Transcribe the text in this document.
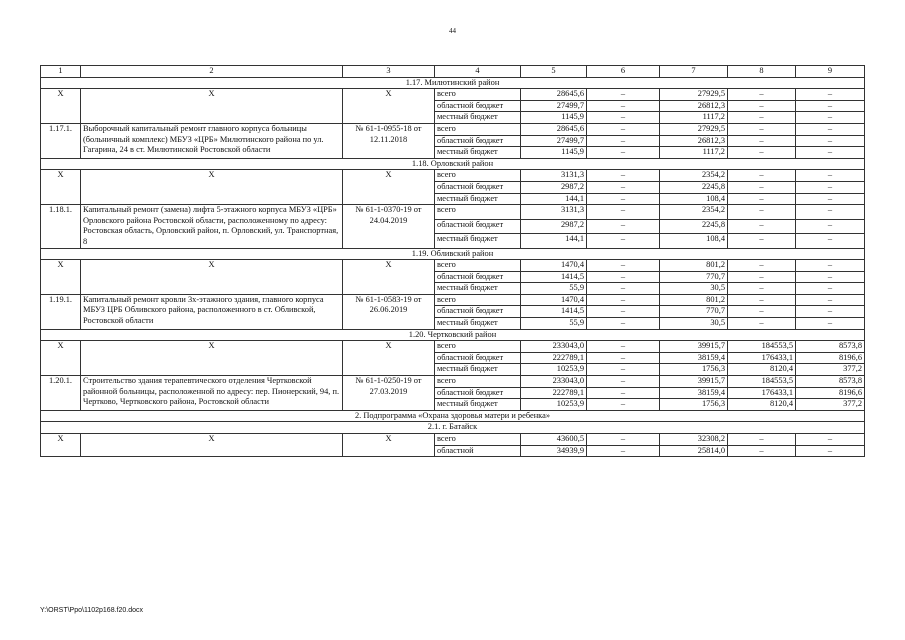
44
1	2	3	4	5	6	7	8	9
1.17. Милютинский район								
X	X	X	всего	28645,6	–	27929,5	–	–
			областной бюджет	27499,7	–	26812,3	–	–
			местный бюджет	1145,9	–	1117,2	–	–
1.17.1.	Выборочный капитальный ремонт главного корпуса больницы (больничный комплекс) МБУЗ «ЦРБ» Милютинского района по ул. Гагарина, 24 в ст. Милютинской Ростовской области	№ 61-1-0955-18 от 12.11.2018	всего	28645,6	–	27929,5	–	–
			областной бюджет	27499,7	–	26812,3	–	–
			местный бюджет	1145,9	–	1117,2	–	–
1.18. Орловский район								
X	X	X	всего	3131,3	–	2354,2	–	–
			областной бюджет	2987,2	–	2245,8	–	–
			местный бюджет	144,1	–	108,4	–	–
1.18.1.	Капитальный ремонт (замена) лифта 5-этажного корпуса МБУЗ «ЦРБ» Орловского района Ростовской области, расположенному по адресу: Ростовская область, Орловский район, п. Орловский, ул. Транспортная, 8	№ 61-1-0370-19 от 24.04.2019	всего	3131,3	–	2354,2	–	–
			областной бюджет	2987,2	–	2245,8	–	–
			местный бюджет	144,1	–	108,4	–	–
1.19. Обливский район								
X	X	X	всего	1470,4	–	801,2	–	–
			областной бюджет	1414,5	–	770,7	–	–
			местный бюджет	55,9	–	30,5	–	–
1.19.1.	Капитальный ремонт кровли 3х-этажного здания, главного корпуса МБУЗ ЦРБ Обливского района, расположенного в ст. Обливской, Ростовской области	№ 61-1-0583-19 от 26.06.2019	всего	1470,4	–	801,2	–	–
			областной бюджет	1414,5	–	770,7	–	–
			местный бюджет	55,9	–	30,5	–	–
1.20. Чертковский район								
X	X	X	всего	233043,0	–	39915,7	184553,5	8573,8
			областной бюджет	222789,1	–	38159,4	176433,1	8196,6
			местный бюджет	10253,9	–	1756,3	8120,4	377,2
1.20.1.	Строительство здания терапевтического отделения Чертковской районной больницы, расположенной по адресу: пер. Пионерский, 94, п. Чертково, Чертковского района, Ростовской области	№ 61-1-0250-19 от 27.03.2019	всего	233043,0	–	39915,7	184553,5	8573,8
			областной бюджет	222789,1	–	38159,4	176433,1	8196,6
			местный бюджет	10253,9	–	1756,3	8120,4	377,2
2. Подпрограмма «Охрана здоровья матери и ребенка»								
2.1. г. Батайск								
X	X	X	всего	43600,5	–	32308,2	–	–
			областной	34939,9	–	25814,0	–	–
Y:\ORST\Ppo\1102p168.f20.docx
